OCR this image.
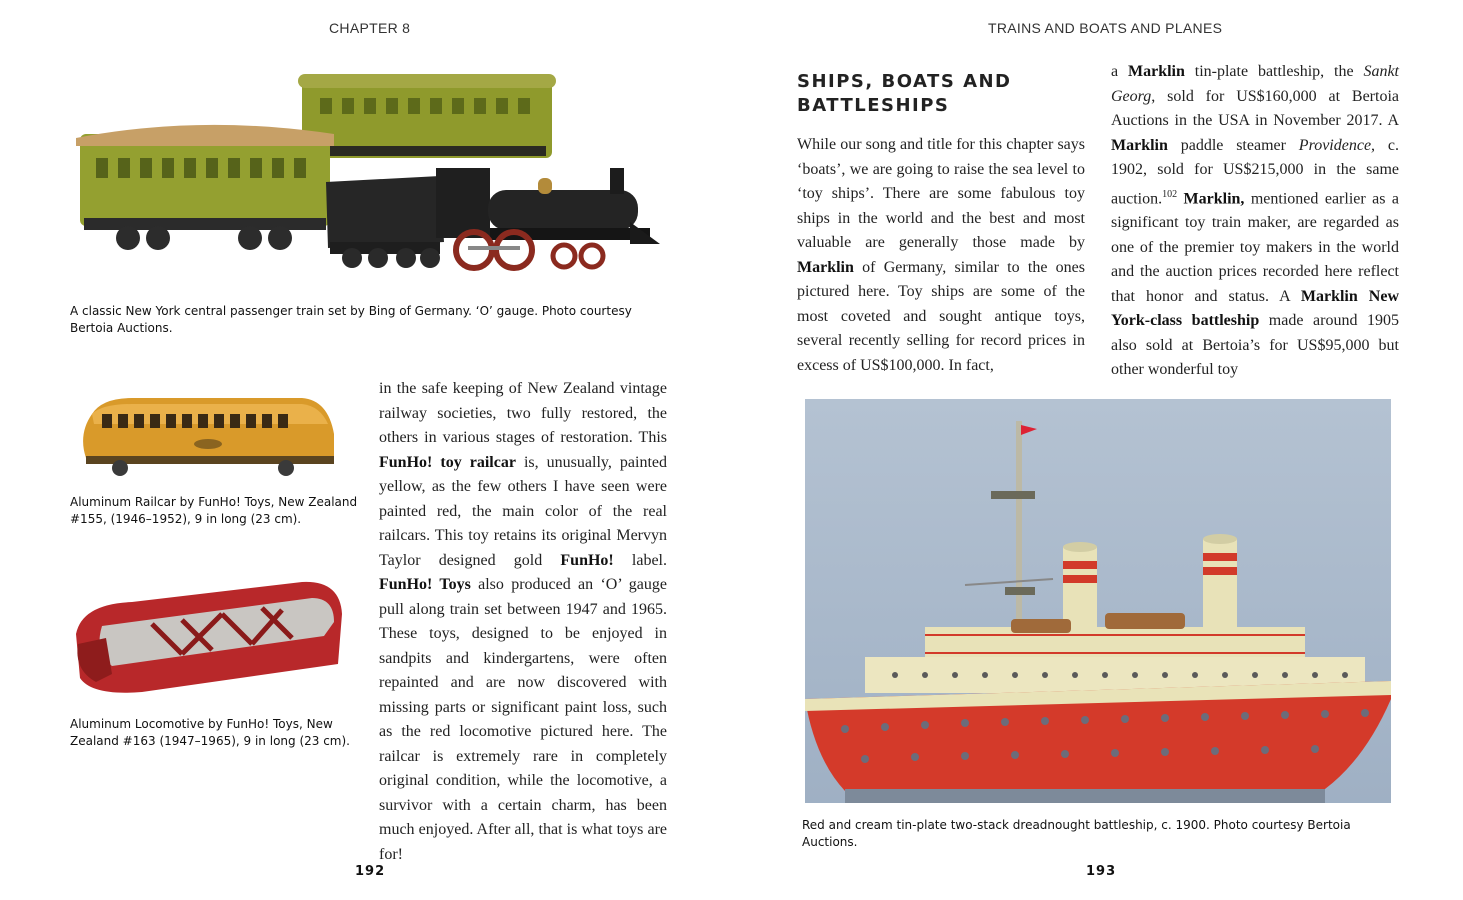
CHAPTER 8
A classic New York central passenger train set by Bing of Germany. ‘O’ gauge. Photo courtesy Bertoia Auctions.
Aluminum Railcar by FunHo! Toys, New Zealand #155, (1946–1952), 9 in long (23 cm).
Aluminum Locomotive by FunHo! Toys, New Zealand #163 (1947–1965), 9 in long (23 cm).
in the safe keeping of New Zealand vintage railway societies, two fully restored, the others in various stages of restoration. This FunHo! toy railcar is, unusually, painted yellow, as the few others I have seen were painted red, the main color of the real railcars. This toy retains its original Mervyn Taylor designed gold FunHo! label. FunHo! Toys also produced an ‘O’ gauge pull along train set between 1947 and 1965. These toys, designed to be enjoyed in sandpits and kindergartens, were often repainted and are now discovered with missing parts or significant paint loss, such as the red locomotive pictured here. The railcar is extremely rare in completely original condition, while the locomotive, a survivor with a certain charm, has been much enjoyed. After all, that is what toys are for!
192
TRAINS AND BOATS AND PLANES
SHIPS, BOATS AND BATTLESHIPS
While our song and title for this chapter says ‘boats’, we are going to raise the sea level to ‘toy ships’. There are some fabulous toy ships in the world and the best and most valuable are generally those made by Marklin of Germany, similar to the ones pictured here. Toy ships are some of the most coveted and sought antique toys, several recently selling for record prices in excess of US$100,000. In fact,
a Marklin tin-plate battleship, the Sankt Georg, sold for US$160,000 at Bertoia Auctions in the USA in November 2017. A Marklin paddle steamer Providence, c. 1902, sold for US$215,000 in the same auction.$^{102}$ Marklin, mentioned earlier as a significant toy train maker, are regarded as one of the premier toy makers in the world and the auction prices recorded here reflect that honor and status. A Marklin New York-class battleship made around 1905 also sold at Bertoia’s for US$95,000 but other wonderful toy
Red and cream tin-plate two-stack dreadnought battleship, c. 1900. Photo courtesy Bertoia Auctions.
193
